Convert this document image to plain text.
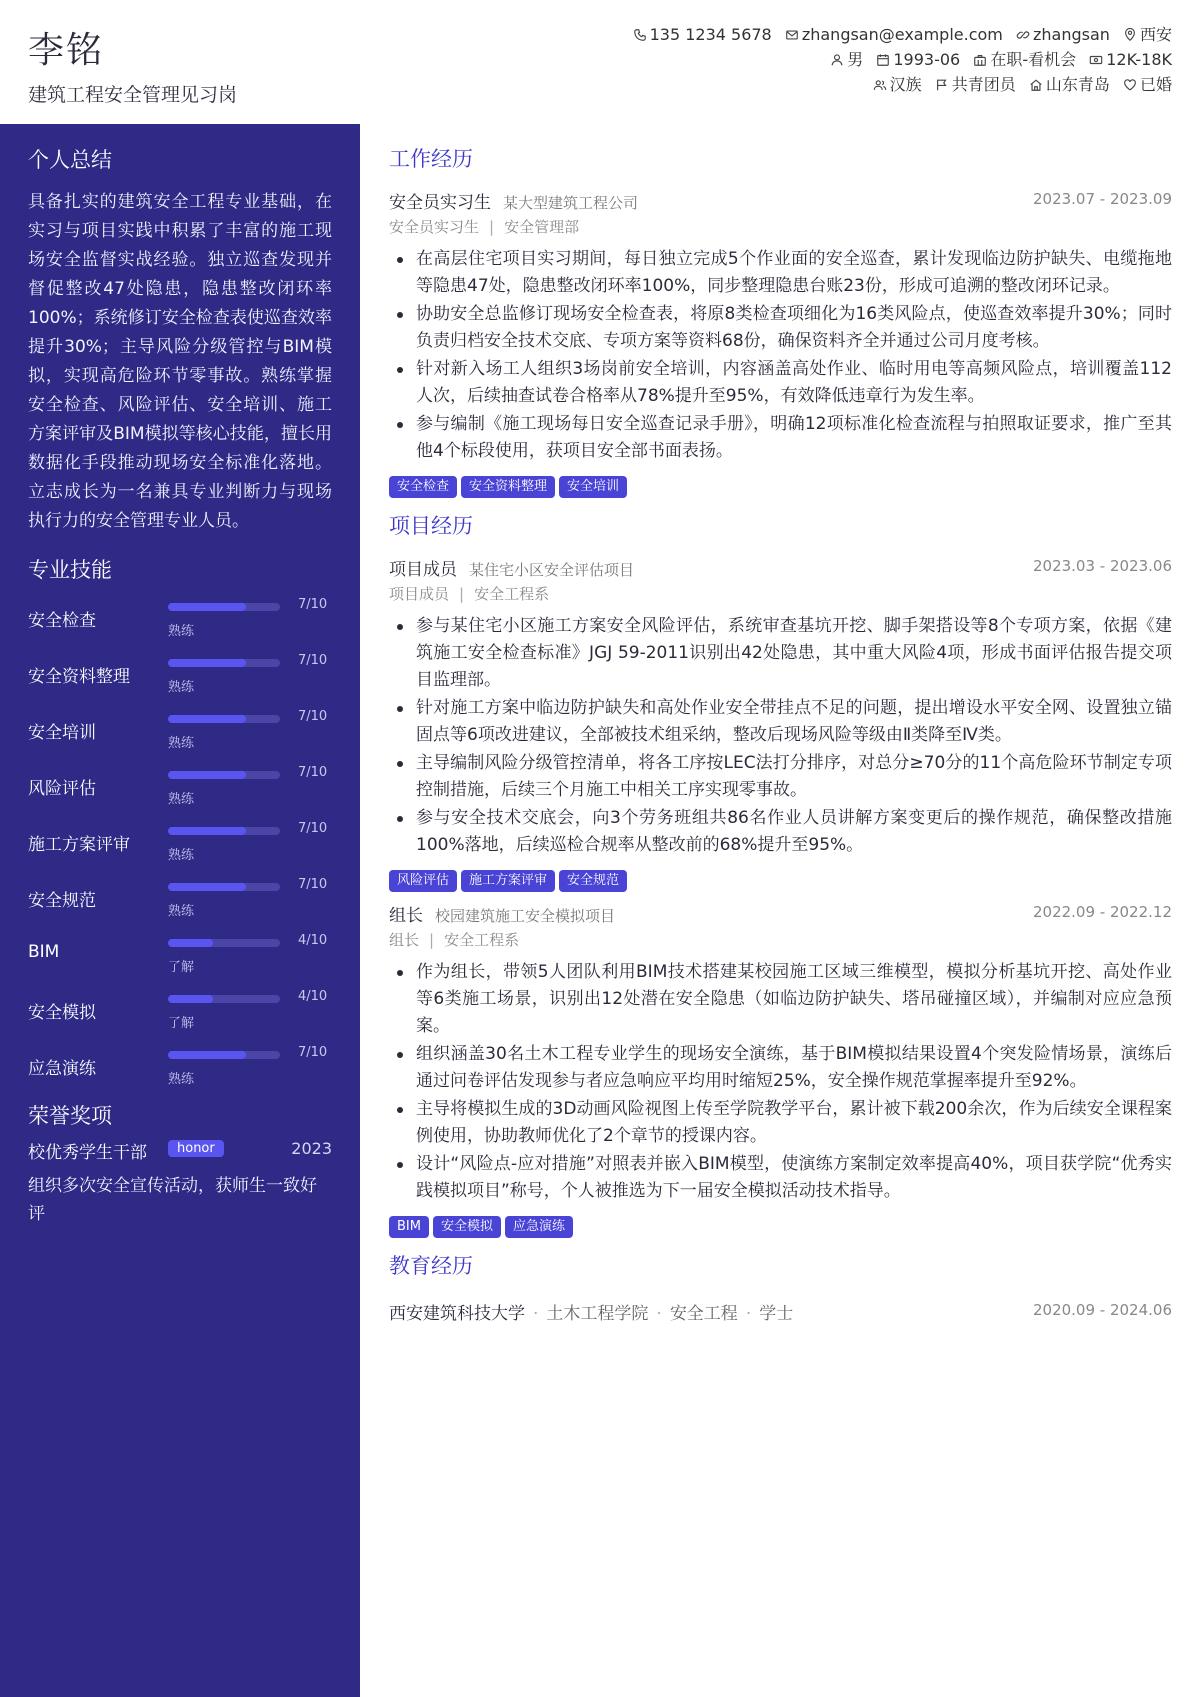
李铭
建筑工程安全管理见习岗
135 1234 5678 zhangsan@example.com zhangsan 西安
男 1993-06 在职-看机会 12K-18K
汉族 共青团员 山东青岛 已婚
个人总结
具备扎实的建筑安全工程专业基础，在实习与项目实践中积累了丰富的施工现场安全监督实战经验。独立巡查发现并督促整改47处隐患，隐患整改闭环率100%；系统修订安全检查表使巡查效率提升30%；主导风险分级管控与BIM模拟，实现高危险环节零事故。熟练掌握安全检查、风险评估、安全培训、施工方案评审及BIM模拟等核心技能，擅长用数据化手段推动现场安全标准化落地。立志成长为一名兼具专业判断力与现场执行力的安全管理专业人员。
专业技能
安全检查
7/10
熟练
安全资料整理
7/10
熟练
安全培训
7/10
熟练
风险评估
7/10
熟练
施工方案评审
7/10
熟练
安全规范
7/10
熟练
BIM
4/10
了解
安全模拟
4/10
了解
应急演练
7/10
熟练
荣誉奖项
校优秀学生干部	honor	2023
组织多次安全宣传活动，获师生一致好评
工作经历
安全员实习生 某大型建筑工程公司	2023.07 - 2023.09
安全员实习生 | 安全管理部
在高层住宅项目实习期间，每日独立完成5个作业面的安全巡查，累计发现临边防护缺失、电缆拖地等隐患47处，隐患整改闭环率100%，同步整理隐患台账23份，形成可追溯的整改闭环记录。
协助安全总监修订现场安全检查表，将原8类检查项细化为16类风险点，使巡查效率提升30%；同时负责归档安全技术交底、专项方案等资料68份，确保资料齐全并通过公司月度考核。
针对新入场工人组织3场岗前安全培训，内容涵盖高处作业、临时用电等高频风险点，培训覆盖112人次，后续抽查试卷合格率从78%提升至95%，有效降低违章行为发生率。
参与编制《施工现场每日安全巡查记录手册》，明确12项标准化检查流程与拍照取证要求，推广至其他4个标段使用，获项目安全部书面表扬。
安全检查 安全资料整理 安全培训
项目经历
项目成员 某住宅小区安全评估项目	2023.03 - 2023.06
项目成员 | 安全工程系
参与某住宅小区施工方案安全风险评估，系统审查基坑开挖、脚手架搭设等8个专项方案，依据《建筑施工安全检查标准》JGJ 59-2011识别出42处隐患，其中重大风险4项，形成书面评估报告提交项目监理部。
针对施工方案中临边防护缺失和高处作业安全带挂点不足的问题，提出增设水平安全网、设置独立锚固点等6项改进建议，全部被技术组采纳，整改后现场风险等级由Ⅱ类降至Ⅳ类。
主导编制风险分级管控清单，将各工序按LEC法打分排序，对总分≥70分的11个高危险环节制定专项控制措施，后续三个月施工中相关工序实现零事故。
参与安全技术交底会，向3个劳务班组共86名作业人员讲解方案变更后的操作规范，确保整改措施100%落地，后续巡检合规率从整改前的68%提升至95%。
风险评估 施工方案评审 安全规范
组长 校园建筑施工安全模拟项目	2022.09 - 2022.12
组长 | 安全工程系
作为组长，带领5人团队利用BIM技术搭建某校园施工区域三维模型，模拟分析基坑开挖、高处作业等6类施工场景，识别出12处潜在安全隐患（如临边防护缺失、塔吊碰撞区域），并编制对应应急预案。
组织涵盖30名土木工程专业学生的现场安全演练，基于BIM模拟结果设置4个突发险情场景，演练后通过问卷评估发现参与者应急响应平均用时缩短25%，安全操作规范掌握率提升至92%。
主导将模拟生成的3D动画风险视图上传至学院教学平台，累计被下载200余次，作为后续安全课程案例使用，协助教师优化了2个章节的授课内容。
设计“风险点-应对措施”对照表并嵌入BIM模型，使演练方案制定效率提高40%，项目获学院“优秀实践模拟项目”称号，个人被推选为下一届安全模拟活动技术指导。
BIM 安全模拟 应急演练
教育经历
西安建筑科技大学 · 土木工程学院 · 安全工程 · 学士	2020.09 - 2024.06
